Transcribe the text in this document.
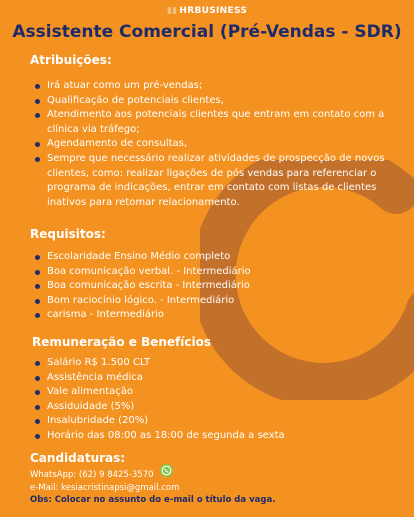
▮▮ HRBUSINESS
Assistente Comercial (Pré-Vendas - SDR)
Atribuições:
Irá atuar como um pré-vendas;
Qualificação de potenciais clientes,
Atendimento aos potenciais clientes que entram em contato com a clínica via tráfego;
Agendamento de consultas,
Sempre que necessário realizar atividades de prospecção de novos clientes, como: realizar ligações de pós vendas para referenciar o programa de indicações, entrar em contato com listas de clientes inativos para retomar relacionamento.
Requisitos:
Escolaridade Ensino Médio completo
Boa comunicação verbal. - Intermediário
Boa comunicação escrita - Intermediário
Bom raciocínio lógico. - Intermediário
carisma - Intermediário
Remuneração e Benefícios
Salário R$ 1.500 CLT
Assistência médica
Vale alimentação
Assiduidade (5%)
Insalubridade (20%)
Horário das 08:00 as 18:00 de segunda a sexta
Candidaturas:
WhatsApp: (62) 9 8425-3570
e-Mail: kesiacristinapsi@gmail.com
Obs: Colocar no assunto do e-mail o título da vaga.
